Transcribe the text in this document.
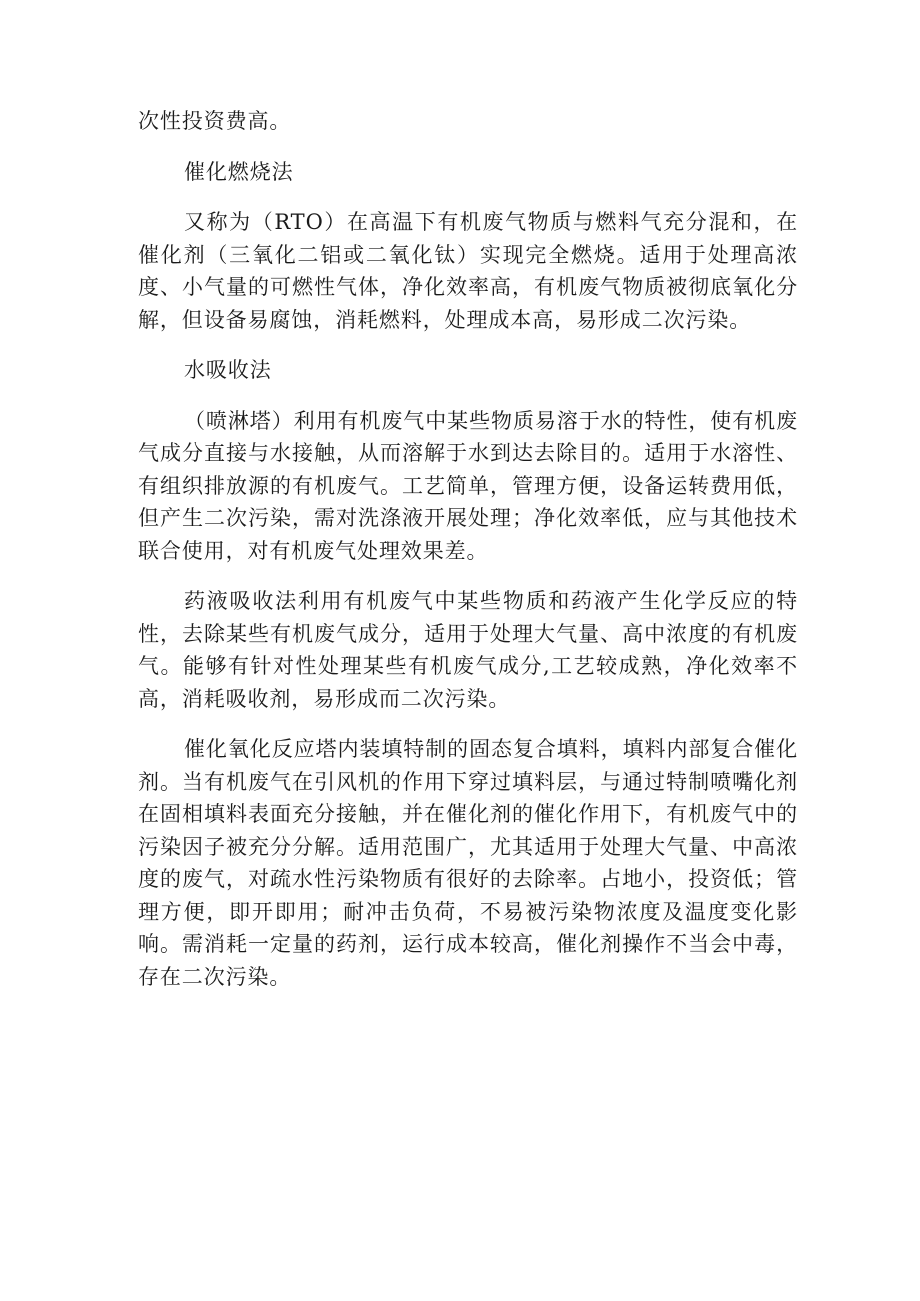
次性投资费高。

催化燃烧法

又称为（RTO）在高温下有机废气物质与燃料气充分混和，在催化剂（三氧化二铝或二氧化钛）实现完全燃烧。适用于处理高浓度、小气量的可燃性气体，净化效率高，有机废气物质被彻底氧化分解，但设备易腐蚀，消耗燃料，处理成本高，易形成二次污染。

水吸收法

（喷淋塔）利用有机废气中某些物质易溶于水的特性，使有机废气成分直接与水接触，从而溶解于水到达去除目的。适用于水溶性、有组织排放源的有机废气。工艺简单，管理方便，设备运转费用低，但产生二次污染，需对洗涤液开展处理；净化效率低，应与其他技术联合使用，对有机废气处理效果差。

药液吸收法利用有机废气中某些物质和药液产生化学反应的特性，去除某些有机废气成分，适用于处理大气量、高中浓度的有机废气。能够有针对性处理某些有机废气成分,工艺较成熟，净化效率不高，消耗吸收剂，易形成而二次污染。

催化氧化反应塔内装填特制的固态复合填料，填料内部复合催化剂。当有机废气在引风机的作用下穿过填料层，与通过特制喷嘴化剂在固相填料表面充分接触，并在催化剂的催化作用下，有机废气中的污染因子被充分分解。适用范围广，尤其适用于处理大气量、中高浓度的废气，对疏水性污染物质有很好的去除率。占地小，投资低；管理方便，即开即用；耐冲击负荷，不易被污染物浓度及温度变化影响。需消耗一定量的药剂，运行成本较高，催化剂操作不当会中毒，存在二次污染。
